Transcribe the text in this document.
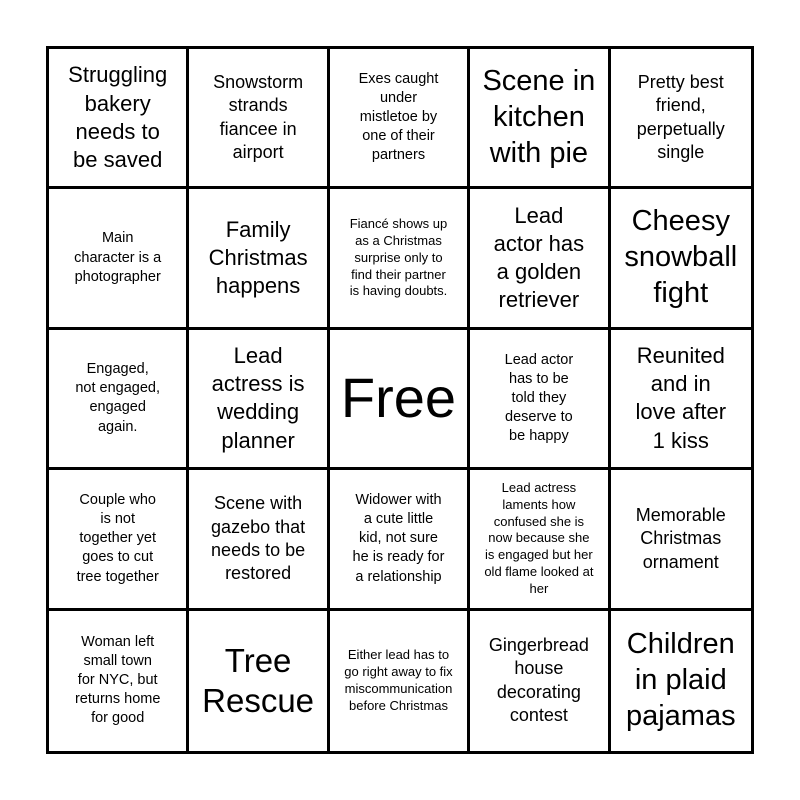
Struggling
bakery
needs to
be saved
Snowstorm
strands
fiancee in
airport
Exes caught
under
mistletoe by
one of their
partners
Scene in
kitchen
with pie
Pretty best
friend,
perpetually
single
Main
character is a
photographer
Family
Christmas
happens
Fiancé shows up
as a Christmas
surprise only to
find their partner
is having doubts.
Lead
actor has
a golden
retriever
Cheesy
snowball
fight
Engaged,
not engaged,
engaged
again.
Lead
actress is
wedding
planner
Free
Lead actor
has to be
told they
deserve to
be happy
Reunited
and in
love after
1 kiss
Couple who
is not
together yet
goes to cut
tree together
Scene with
gazebo that
needs to be
restored
Widower with
a cute little
kid, not sure
he is ready for
a relationship
Lead actress
laments how
confused she is
now because she
is engaged but her
old flame looked at
her
Memorable
Christmas
ornament
Woman left
small town
for NYC, but
returns home
for good
Tree
Rescue
Either lead has to
go right away to fix
miscommunication
before Christmas
Gingerbread
house
decorating
contest
Children
in plaid
pajamas
